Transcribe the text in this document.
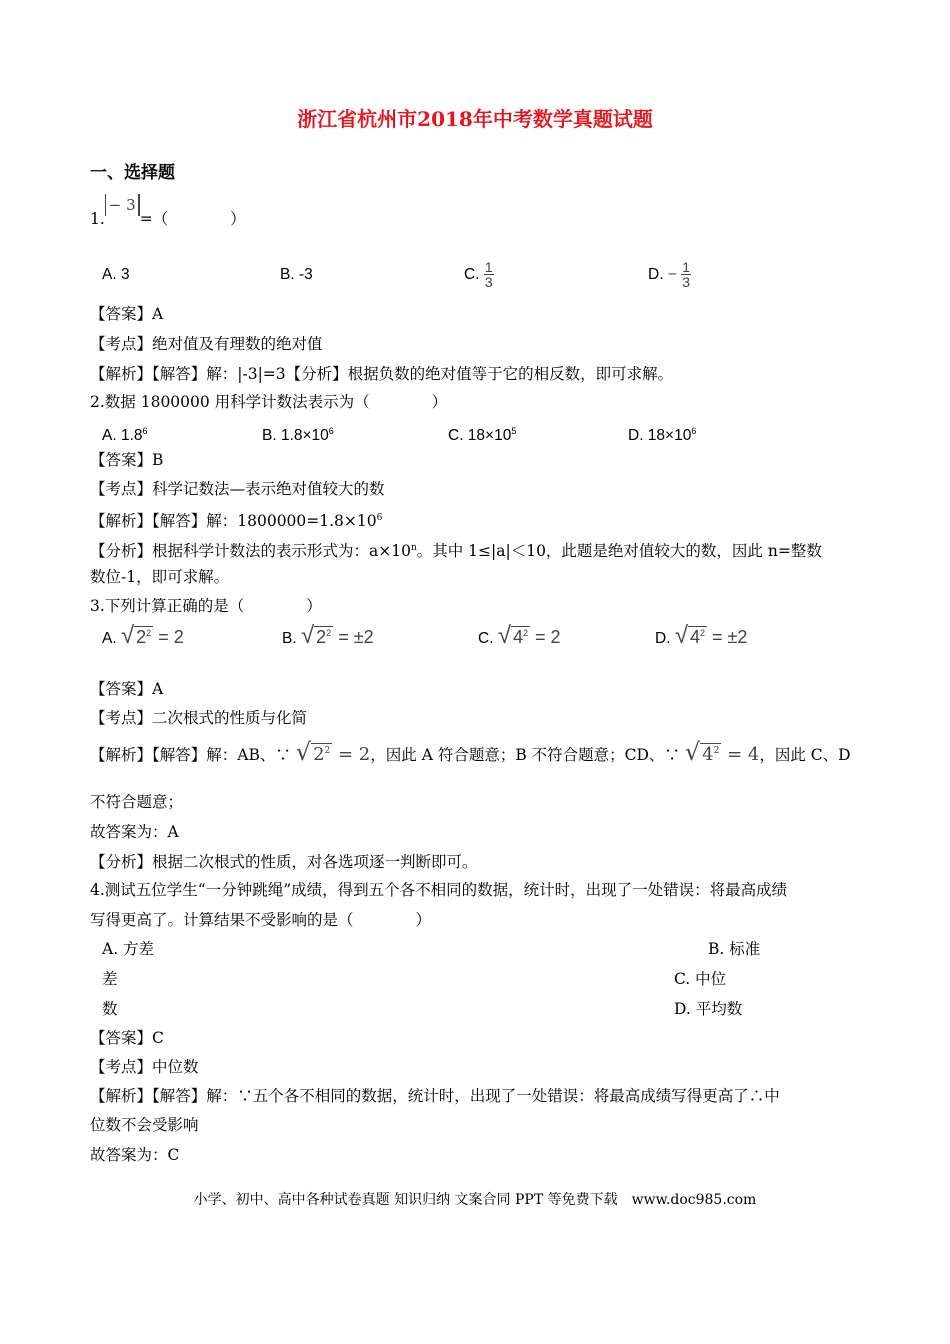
浙江省杭州市2018年中考数学真题试题
一、选择题
1.
− 3
=（　　　　）
A. 3	B. -3	C. $\frac{1}{3}$	D. − $\frac{1}{3}$
【答案】A
【考点】绝对值及有理数的绝对值
【解析】【解答】解：|-3|=3【分析】根据负数的绝对值等于它的相反数，即可求解。
2.数据 1800000 用科学计数法表示为（　　　　）
A. $1.8^6$	B. $1.8\times 10^6$	C. $18\times 10^5$	D. $18\times 10^6$
【答案】B
【考点】科学记数法—表示绝对值较大的数
【解析】【解答】解：$1800000=1.8\times 10^6$
【分析】根据科学计数法的表示形式为：$a\times 10^n$。其中 1≤|a|＜10，此题是绝对值较大的数，因此 n=整数
数位-1，即可求解。
3.下列计算正确的是（　　　　）
A. √ $2^2 = 2$	B. √ $2^2 = \pm 2$	C. √ $4^2 = 2$	D. √ $4^2 = \pm 2$
【答案】A
【考点】二次根式的性质与化简
【解析】【解答】解：AB、∵ √ $2^2 = 2$，因此 A 符合题意；B 不符合题意；CD、∵ √ $4^2 = 4$，因此 C、D
不符合题意；
故答案为：A
【分析】根据二次根式的性质，对各选项逐一判断即可。
4.测试五位学生“一分钟跳绳”成绩，得到五个各不相同的数据，统计时，出现了一处错误：将最高成绩
写得更高了。计算结果不受影响的是（　　　　）
A. 方差	B. 标准
差	C. 中位
数	D. 平均数
【答案】C
【考点】中位数
【解析】【解答】解：∵五个各不相同的数据，统计时，出现了一处错误：将最高成绩写得更高了∴中
位数不会受影响
故答案为：C
小学、初中、高中各种试卷真题 知识归纳 文案合同 PPT 等免费下载　www.doc985.com
